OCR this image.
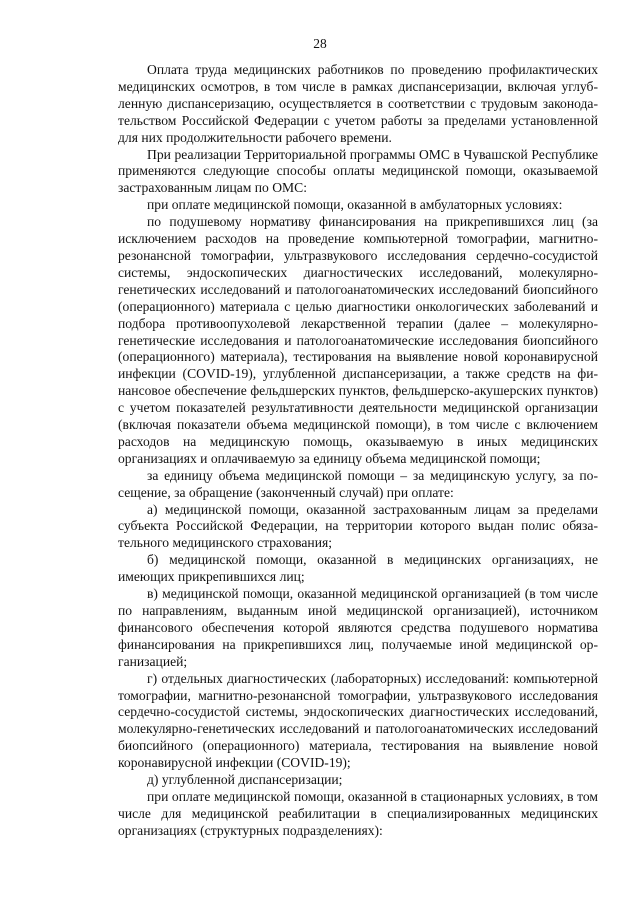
28

Оплата труда медицинских работников по проведению профилактических медицинских осмотров, в том числе в рамках диспансеризации, включая углубленную диспансеризацию, осуществляется в соответствии с трудовым законодательством Российской Федерации с учетом работы за пределами установленной для них продолжительности рабочего времени.

При реализации Территориальной программы ОМС в Чувашской Республике применяются следующие способы оплаты медицинской помощи, оказываемой застрахованным лицам по ОМС:

при оплате медицинской помощи, оказанной в амбулаторных условиях:

по подушевому нормативу финансирования на прикрепившихся лиц (за исключением расходов на проведение компьютерной томографии, магнитно-резонансной томографии, ультразвукового исследования сердечно-сосудистой системы, эндоскопических диагностических исследований, молекулярно-генетических исследований и патологоанатомических исследований биопсийного (операционного) материала с целью диагностики онкологических заболеваний и подбора противоопухолевой лекарственной терапии (далее – молекулярно-генетические исследования и патологоанатомические исследования биопсийного (операционного) материала), тестирования на выявление новой коронавирусной инфекции (COVID-19), углубленной диспансеризации, а также средств на финансовое обеспечение фельдшерских пунктов, фельдшерско-акушерских пунктов) с учетом показателей результативности деятельности медицинской организации (включая показатели объема медицинской помощи), в том числе с включением расходов на медицинскую помощь, оказываемую в иных медицинских организациях и оплачиваемую за единицу объема медицинской помощи;

за единицу объема медицинской помощи – за медицинскую услугу, за посещение, за обращение (законченный случай) при оплате:

а) медицинской помощи, оказанной застрахованным лицам за пределами субъекта Российской Федерации, на территории которого выдан полис обязательного медицинского страхования;

б) медицинской помощи, оказанной в медицинских организациях, не имеющих прикрепившихся лиц;

в) медицинской помощи, оказанной медицинской организацией (в том числе по направлениям, выданным иной медицинской организацией), источником финансового обеспечения которой являются средства подушевого норматива финансирования на прикрепившихся лиц, получаемые иной медицинской организацией;

г) отдельных диагностических (лабораторных) исследований: компьютерной томографии, магнитно-резонансной томографии, ультразвукового исследования сердечно-сосудистой системы, эндоскопических диагностических исследований, молекулярно-генетических исследований и патологоанатомических исследований биопсийного (операционного) материала, тестирования на выявление новой коронавирусной инфекции (COVID-19);

д) углубленной диспансеризации;

при оплате медицинской помощи, оказанной в стационарных условиях, в том числе для медицинской реабилитации в специализированных медицинских организациях (структурных подразделениях):
